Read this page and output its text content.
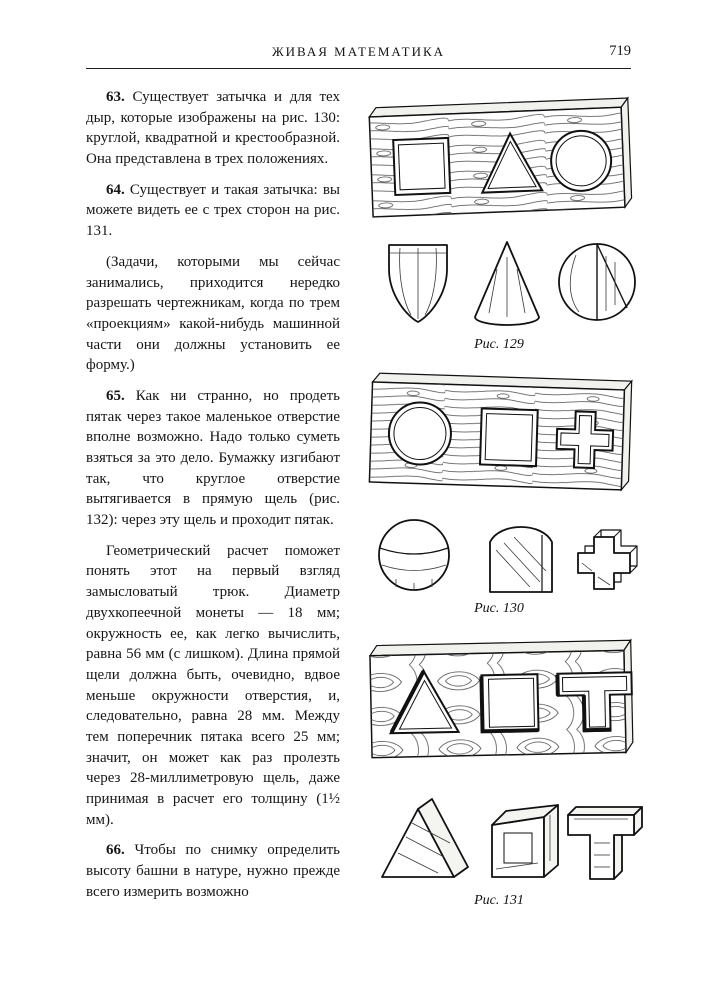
ЖИВАЯ МАТЕМАТИКА	719

63. Существует затычка и для тех дыр, которые изображены на рис. 130: круглой, квадратной и крестообразной. Она представлена в трех положениях.

64. Существует и такая затычка: вы можете видеть ее с трех сторон на рис. 131.

(Задачи, которыми мы сейчас занимались, приходится нередко разрешать чертежникам, когда по трем «проекциям» какой-нибудь машинной части они должны установить ее форму.)

65. Как ни странно, но продеть пятак через такое маленькое отверстие вполне возможно. Надо только суметь взяться за это дело. Бумажку изгибают так, что круглое отверстие вытягивается в прямую щель (рис. 132): через эту щель и проходит пятак.

Геометрический расчет поможет понять этот на первый взгляд замысловатый трюк. Диаметр двухкопеечной монеты — 18 мм; окружность ее, как легко вычислить, равна 56 мм (с лишком). Длина прямой щели должна быть, очевидно, вдвое меньше окружности отверстия, и, следовательно, равна 28 мм. Между тем поперечник пятака всего 25 мм; значит, он может как раз пролезть через 28-миллиметровую щель, даже принимая в расчет его толщину (1½ мм).

66. Чтобы по снимку определить высоту башни в натуре, нужно прежде всего измерить возможно

Рис. 129
Рис. 130
Рис. 131
